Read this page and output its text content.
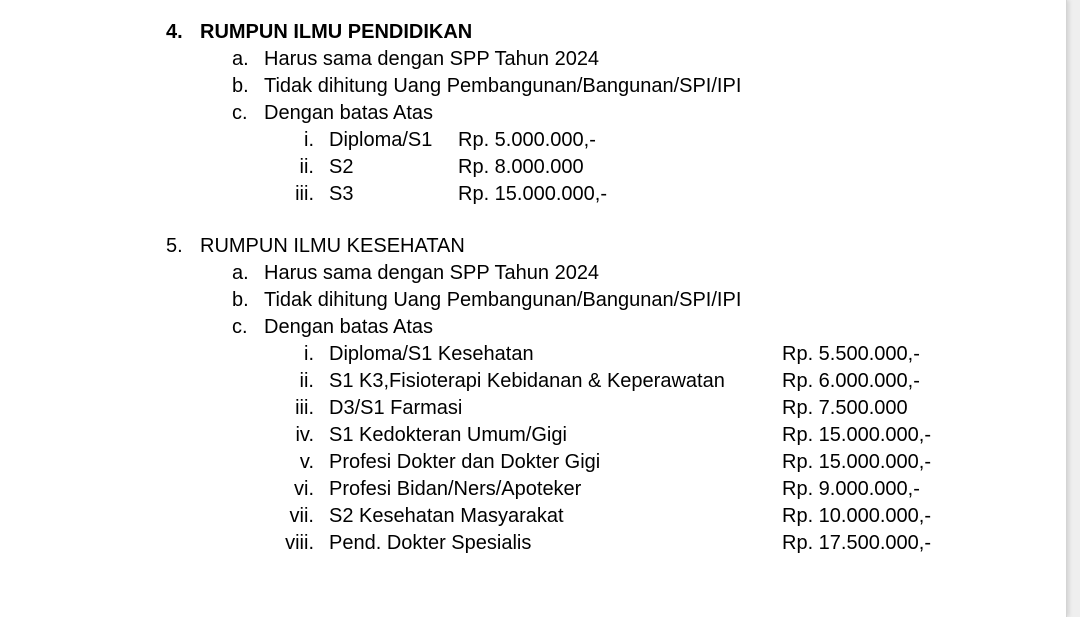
4. RUMPUN ILMU PENDIDIKAN
a. Harus sama dengan SPP Tahun 2024
b. Tidak dihitung Uang Pembangunan/Bangunan/SPI/IPI
c. Dengan batas Atas
i. Diploma/S1 Rp. 5.000.000,-
ii. S2	Rp. 8.000.000
iii. S3	Rp. 15.000.000,-
5. RUMPUN ILMU KESEHATAN
a. Harus sama dengan SPP Tahun 2024
b. Tidak dihitung Uang Pembangunan/Bangunan/SPI/IPI
c. Dengan batas Atas
i. Diploma/S1 Kesehatan	Rp. 5.500.000,-
ii. S1 K3,Fisioterapi Kebidanan & Keperawatan	Rp. 6.000.000,-
iii. D3/S1 Farmasi	Rp. 7.500.000
iv. S1 Kedokteran Umum/Gigi	Rp. 15.000.000,-
v. Profesi Dokter dan Dokter Gigi	Rp. 15.000.000,-
vi. Profesi Bidan/Ners/Apoteker	Rp. 9.000.000,-
vii. S2 Kesehatan Masyarakat	Rp. 10.000.000,-
viii. Pend. Dokter Spesialis	Rp. 17.500.000,-
